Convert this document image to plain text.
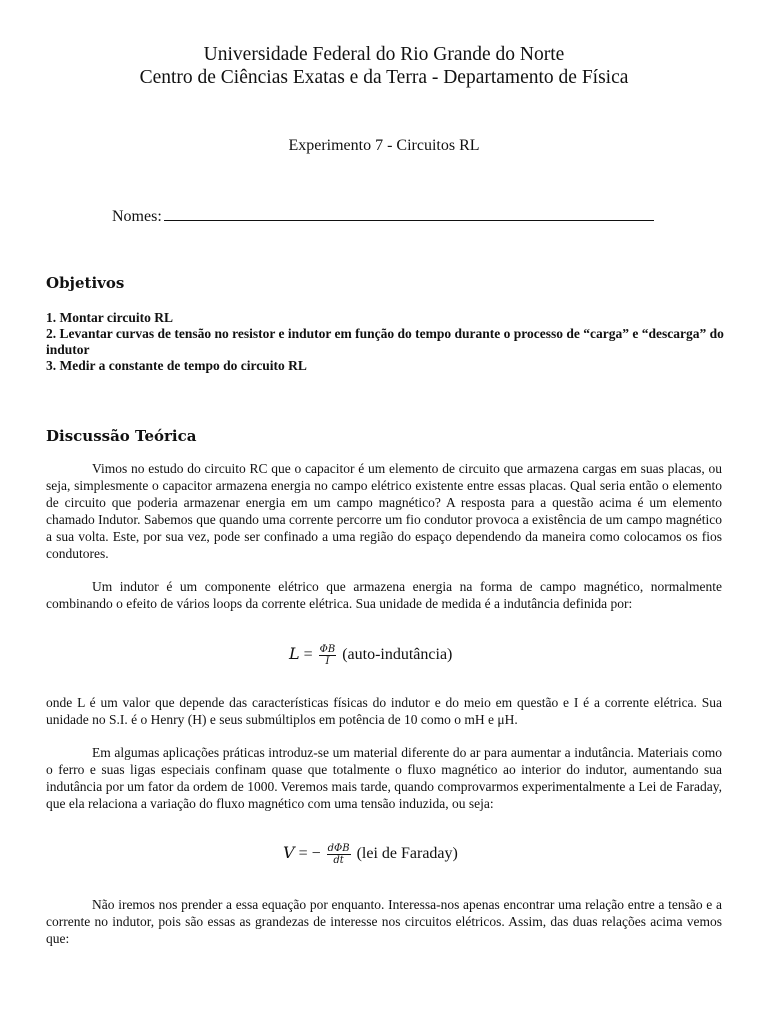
Universidade Federal do Rio Grande do Norte
Centro de Ciências Exatas e da Terra - Departamento de Física
Experimento 7 - Circuitos RL
Nomes:
Objetivos
1. Montar circuito RL
2. Levantar curvas de tensão no resistor e indutor em função do tempo durante o processo de “carga” e “descarga” do indutor
3. Medir a constante de tempo do circuito RL
Discussão Teórica
Vimos no estudo do circuito RC que o capacitor é um elemento de circuito que armazena cargas em suas placas, ou seja, simplesmente o capacitor armazena energia no campo elétrico existente entre essas placas. Qual seria então o elemento de circuito que poderia armazenar energia em um campo magnético? A resposta para a questão acima é um elemento chamado Indutor. Sabemos que quando uma corrente percorre um fio condutor provoca a existência de um campo magnético a sua volta. Este, por sua vez, pode ser confinado a uma região do espaço dependendo da maneira como colocamos os fios condutores.
Um indutor é um componente elétrico que armazena energia na forma de campo magnético, normalmente combinando o efeito de vários loops da corrente elétrica. Sua unidade de medida é a indutância definida por:
$L = \frac{\Phi B}{I}$ (auto-indutância)
onde L é um valor que depende das características físicas do indutor e do meio em questão e I é a corrente elétrica. Sua unidade no S.I. é o Henry (H) e seus submúltiplos em potência de 10 como o mH e μH.
Em algumas aplicações práticas introduz-se um material diferente do ar para aumentar a indutância. Materiais como o ferro e suas ligas especiais confinam quase que totalmente o fluxo magnético ao interior do indutor, aumentando sua indutância por um fator da ordem de 1000. Veremos mais tarde, quando comprovarmos experimentalmente a Lei de Faraday, que ela relaciona a variação do fluxo magnético com uma tensão induzida, ou seja:
V = − $\frac{\text{dΦB}}{dt} (lei$ de Faraday)
Não iremos nos prender a essa equação por enquanto. Interessa-nos apenas encontrar uma relação entre a tensão e a corrente no indutor, pois são essas as grandezas de interesse nos circuitos elétricos. Assim, das duas relações acima vemos que:
